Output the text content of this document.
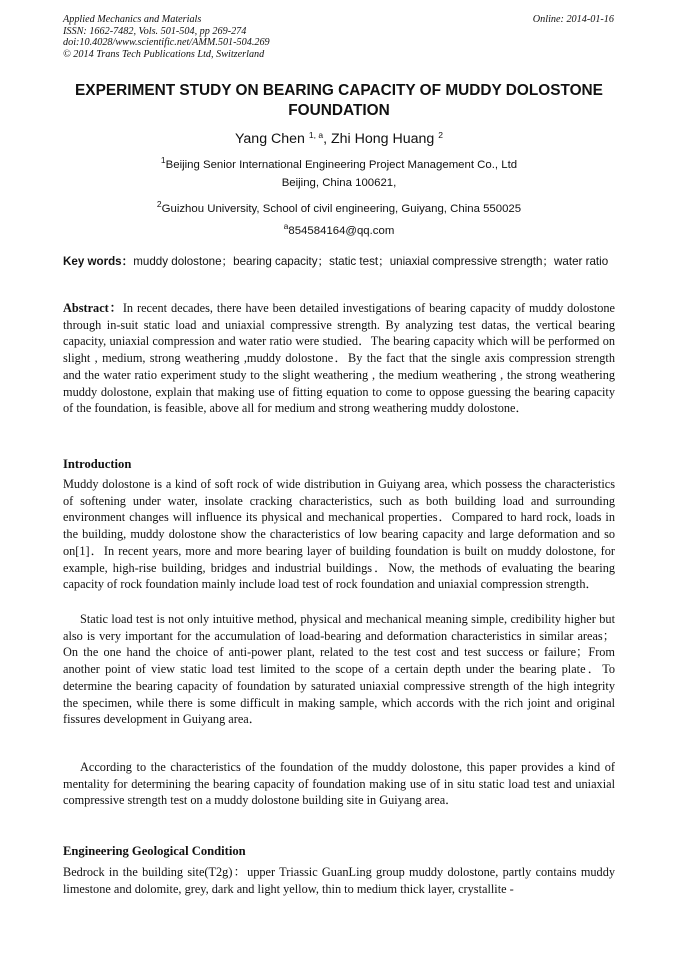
Applied Mechanics and Materials
ISSN: 1662-7482, Vols. 501-504, pp 269-274
doi:10.4028/www.scientific.net/AMM.501-504.269
© 2014 Trans Tech Publications Ltd, Switzerland
Online: 2014-01-16
EXPERIMENT STUDY ON BEARING CAPACITY OF MUDDY DOLOSTONE
FOUNDATION
Yang Chen $^{1, a}$, Zhi Hong Huang $^2$
$^1$Beijing Senior International Engineering Project Management Co., Ltd
Beijing, China 100621,
$^2$Guizhou University, School of civil engineering, Guiyang, China 550025
$^a$854584164@qq.com
Key words：muddy dolostone；bearing capacity；static test；uniaxial compressive strength；water ratio
Abstract：In recent decades, there have been detailed investigations of bearing capacity of muddy dolostone through in-suit static load and uniaxial compressive strength. By analyzing test datas, the vertical bearing capacity, uniaxial compression and water ratio were studied．The bearing capacity which will be performed on slight , medium, strong weathering ,muddy dolostone．By the fact that the single axis compression strength and the water ratio experiment study to the slight weathering , the medium weathering , the strong weathering muddy dolostone, explain that making use of fitting equation to come to oppose guessing the bearing capacity of the foundation, is feasible, above all for medium and strong weathering muddy dolostone．
Introduction
Muddy dolostone is a kind of soft rock of wide distribution in Guiyang area, which possess the characteristics of softening under water, insolate cracking characteristics, such as both building load and surrounding environment changes will influence its physical and mechanical properties．Compared to hard rock, loads in the building, muddy dolostone show the characteristics of low bearing capacity and large deformation and so on[1]．In recent years, more and more bearing layer of building foundation is built on muddy dolostone, for example, high-rise building, bridges and industrial buildings．Now, the methods of evaluating the bearing capacity of rock foundation mainly include load test of rock foundation and uniaxial compression strength．
Static load test is not only intuitive method, physical and mechanical meaning simple, credibility higher but also is very important for the accumulation of load-bearing and deformation characteristics in similar areas；On the one hand the choice of anti-power plant, related to the test cost and test success or failure；From another point of view static load test limited to the scope of a certain depth under the bearing plate．To determine the bearing capacity of foundation by saturated uniaxial compressive strength of the high integrity the specimen, while there is some difficult in making sample, which accords with the rich joint and original fissures development in Guiyang area．
According to the characteristics of the foundation of the muddy dolostone, this paper provides a kind of mentality for determining the bearing capacity of foundation making use of in situ static load test and uniaxial compressive strength test on a muddy dolostone building site in Guiyang area．
Engineering Geological Condition
Bedrock in the building site(T2g)：upper Triassic GuanLing group muddy dolostone, partly contains muddy limestone and dolomite, grey, dark and light yellow, thin to medium thick layer, crystallite -
